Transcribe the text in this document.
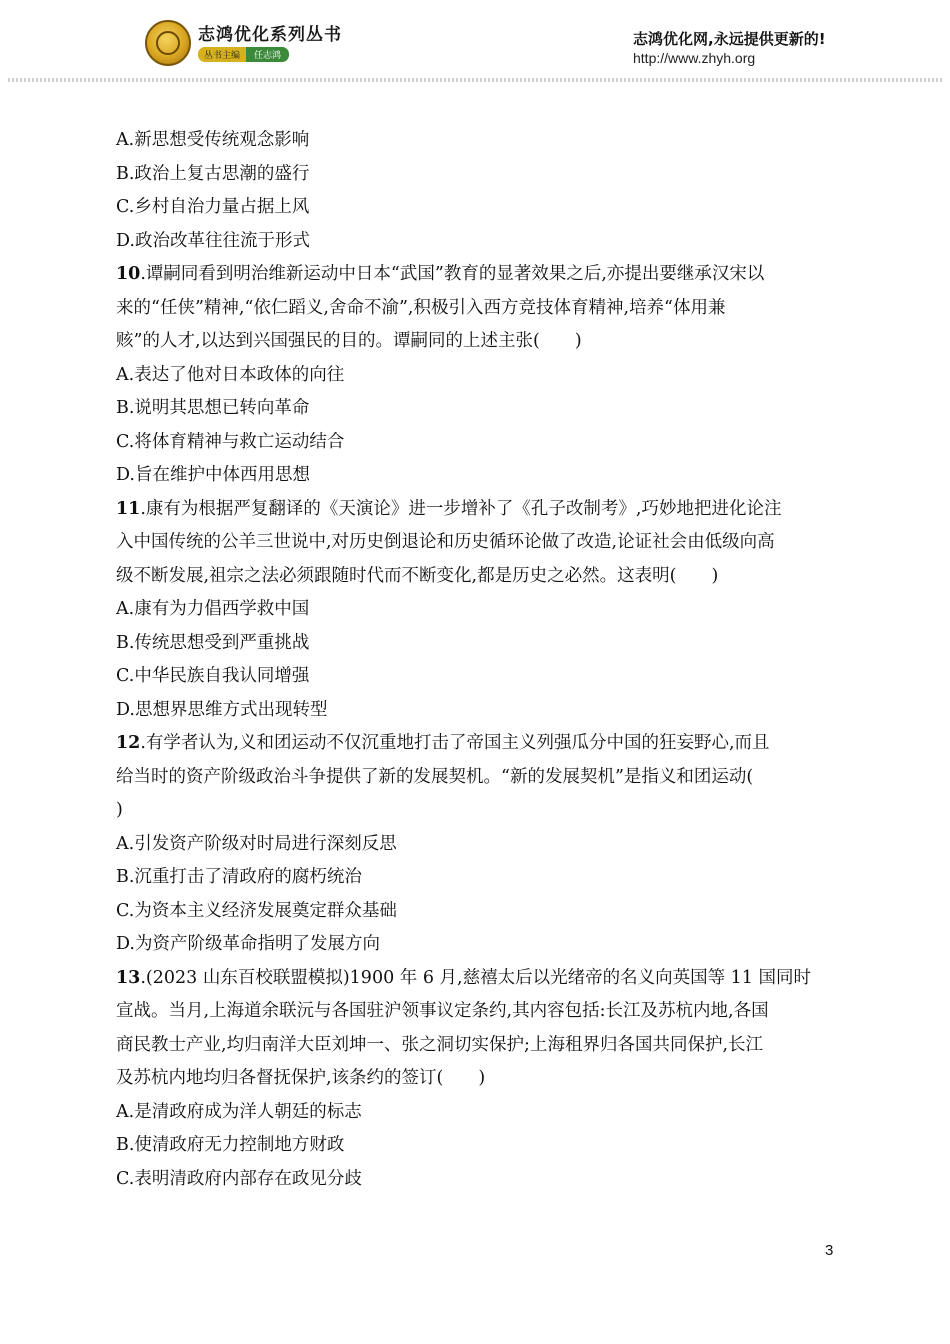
志鸿优化系列丛书
丛书主编	任志鸿
志鸿优化网,永远提供更新的!
http://www.zhyh.org
A.新思想受传统观念影响
B.政治上复古思潮的盛行
C.乡村自治力量占据上风
D.政治改革往往流于形式
10.谭嗣同看到明治维新运动中日本“武国”教育的显著效果之后,亦提出要继承汉宋以
来的“任侠”精神,“依仁蹈义,舍命不渝”,积极引入西方竞技体育精神,培养“体用兼
赅”的人才,以达到兴国强民的目的。谭嗣同的上述主张(　　)
A.表达了他对日本政体的向往
B.说明其思想已转向革命
C.将体育精神与救亡运动结合
D.旨在维护中体西用思想
11.康有为根据严复翻译的《天演论》进一步增补了《孔子改制考》,巧妙地把进化论注
入中国传统的公羊三世说中,对历史倒退论和历史循环论做了改造,论证社会由低级向高
级不断发展,祖宗之法必须跟随时代而不断变化,都是历史之必然。这表明(　　)
A.康有为力倡西学救中国
B.传统思想受到严重挑战
C.中华民族自我认同增强
D.思想界思维方式出现转型
12.有学者认为,义和团运动不仅沉重地打击了帝国主义列强瓜分中国的狂妄野心,而且
给当时的资产阶级政治斗争提供了新的发展契机。“新的发展契机”是指义和团运动(
)
A.引发资产阶级对时局进行深刻反思
B.沉重打击了清政府的腐朽统治
C.为资本主义经济发展奠定群众基础
D.为资产阶级革命指明了发展方向
13.(2023 山东百校联盟模拟)1900 年 6 月,慈禧太后以光绪帝的名义向英国等 11 国同时
宣战。当月,上海道余联沅与各国驻沪领事议定条约,其内容包括:长江及苏杭内地,各国
商民教士产业,均归南洋大臣刘坤一、张之洞切实保护;上海租界归各国共同保护,长江
及苏杭内地均归各督抚保护,该条约的签订(　　)
A.是清政府成为洋人朝廷的标志
B.使清政府无力控制地方财政
C.表明清政府内部存在政见分歧
3
